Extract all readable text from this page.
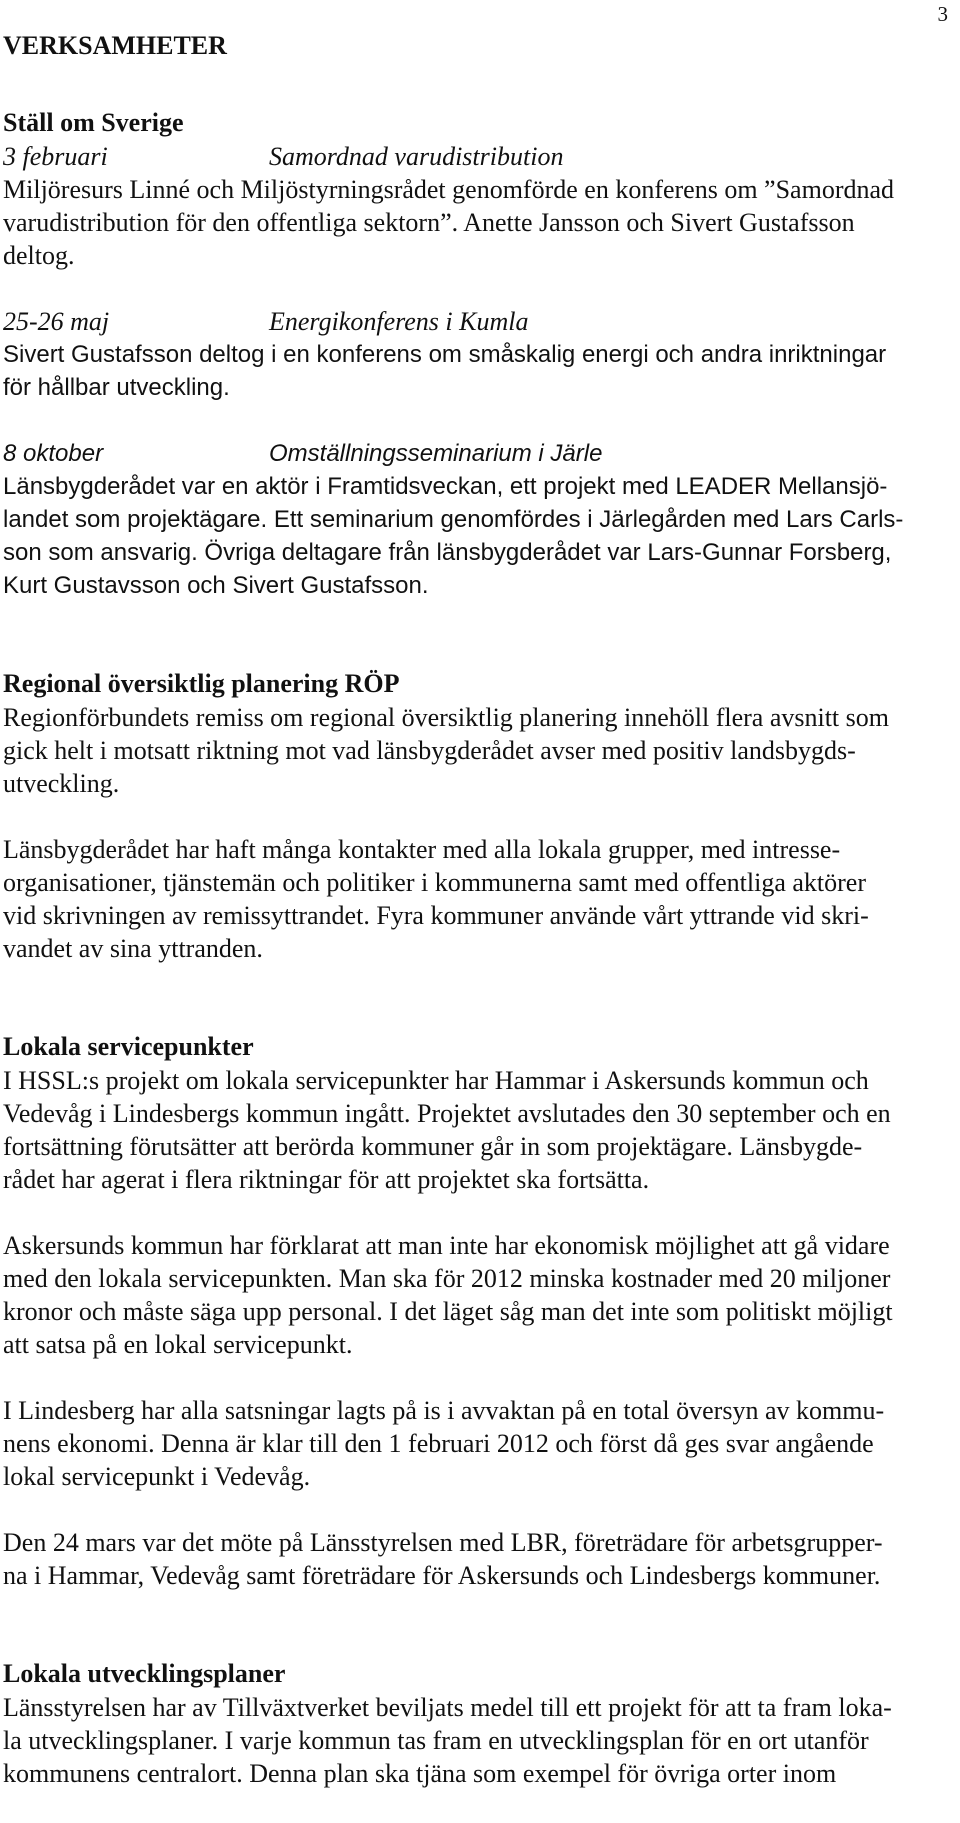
3
VERKSAMHETER
Ställ om Sverige
3 februari	Samordnad varudistribution
Miljöresurs Linné och Miljöstyrningsrådet genomförde en konferens om ”Samordnad
varudistribution för den offentliga sektorn”. Anette Jansson och Sivert Gustafsson
deltog.
25-26 maj	Energikonferens i Kumla
Sivert Gustafsson deltog i en konferens om småskalig energi och andra inriktningar
för hållbar utveckling.
8 oktober	Omställningsseminarium i Järle
Länsbygderådet var en aktör i Framtidsveckan, ett projekt med LEADER Mellansjö-
landet som projektägare. Ett seminarium genomfördes i Järlegården med Lars Carls-
son som ansvarig. Övriga deltagare från länsbygderådet var Lars-Gunnar Forsberg,
Kurt Gustavsson och Sivert Gustafsson.
Regional översiktlig planering RÖP
Regionförbundets remiss om regional översiktlig planering innehöll flera avsnitt som
gick helt i motsatt riktning mot vad länsbygderådet avser med positiv landsbygds-
utveckling.
Länsbygderådet har haft många kontakter med alla lokala grupper, med intresse-
organisationer, tjänstemän och politiker i kommunerna samt med offentliga aktörer
vid skrivningen av remissyttrandet. Fyra kommuner använde vårt yttrande vid skri-
vandet av sina yttranden.
Lokala servicepunkter
I HSSL:s projekt om lokala servicepunkter har Hammar i Askersunds kommun och
Vedevåg i Lindesbergs kommun ingått. Projektet avslutades den 30 september och en
fortsättning förutsätter att berörda kommuner går in som projektägare. Länsbygde-
rådet har agerat i flera riktningar för att projektet ska fortsätta.
Askersunds kommun har förklarat att man inte har ekonomisk möjlighet att gå vidare
med den lokala servicepunkten. Man ska för 2012 minska kostnader med 20 miljoner
kronor och måste säga upp personal. I det läget såg man det inte som politiskt möjligt
att satsa på en lokal servicepunkt.
I Lindesberg har alla satsningar lagts på is i avvaktan på en total översyn av kommu-
nens ekonomi. Denna är klar till den 1 februari 2012 och först då ges svar angående
lokal servicepunkt i Vedevåg.
Den 24 mars var det möte på Länsstyrelsen med LBR, företrädare för arbetsgrupper-
na i Hammar, Vedevåg samt företrädare för Askersunds och Lindesbergs kommuner.
Lokala utvecklingsplaner
Länsstyrelsen har av Tillväxtverket beviljats medel till ett projekt för att ta fram loka-
la utvecklingsplaner. I varje kommun tas fram en utvecklingsplan för en ort utanför
kommunens centralort. Denna plan ska tjäna som exempel för övriga orter inom
